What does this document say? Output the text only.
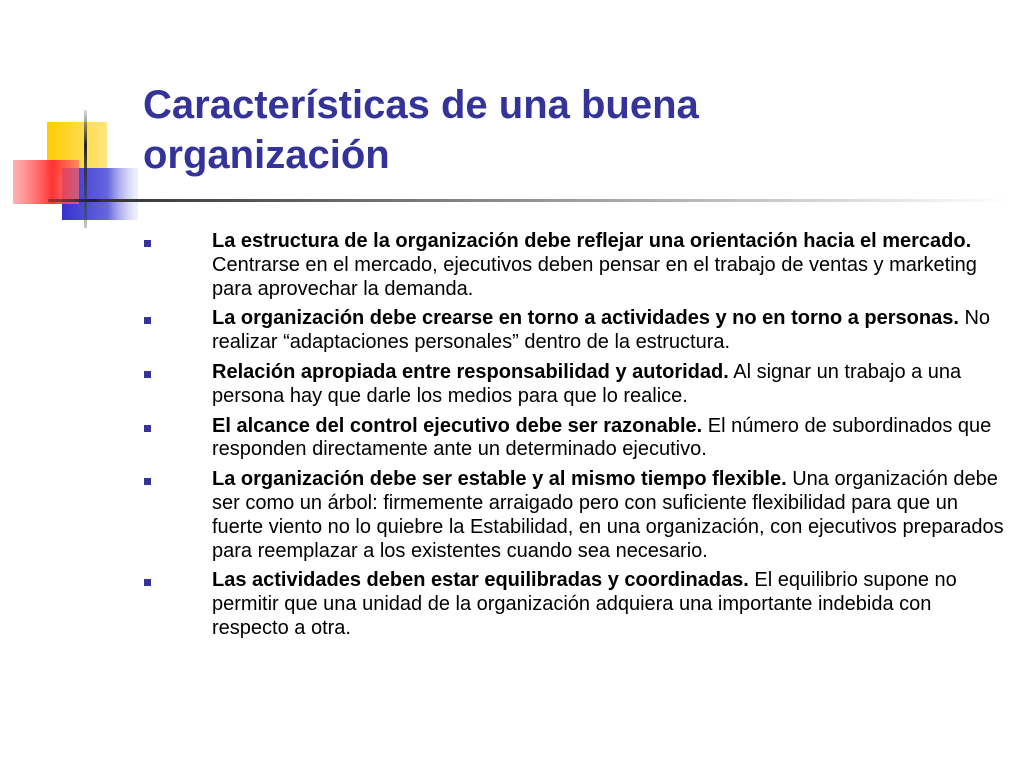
Características de una buena
organización
La estructura de la organización debe reflejar una orientación hacia el mercado. Centrarse en el mercado, ejecutivos deben pensar en el trabajo de ventas y marketing para aprovechar la demanda.
La organización debe crearse en torno a actividades y no en torno a personas. No realizar “adaptaciones personales” dentro de la estructura.
Relación apropiada entre responsabilidad y autoridad. Al signar un trabajo a una persona hay que darle los medios para que lo realice.
El alcance del control ejecutivo debe ser razonable. El número de subordinados que responden directamente ante un determinado ejecutivo.
La organización debe ser estable y al mismo tiempo flexible. Una organización debe ser como un árbol: firmemente arraigado pero con suficiente flexibilidad para que un fuerte viento no lo quiebre la Estabilidad, en una organización, con ejecutivos preparados para reemplazar a los existentes cuando sea necesario.
Las actividades deben estar equilibradas y coordinadas. El equilibrio supone no permitir que una unidad de la organización adquiera una importante indebida con respecto a otra.
